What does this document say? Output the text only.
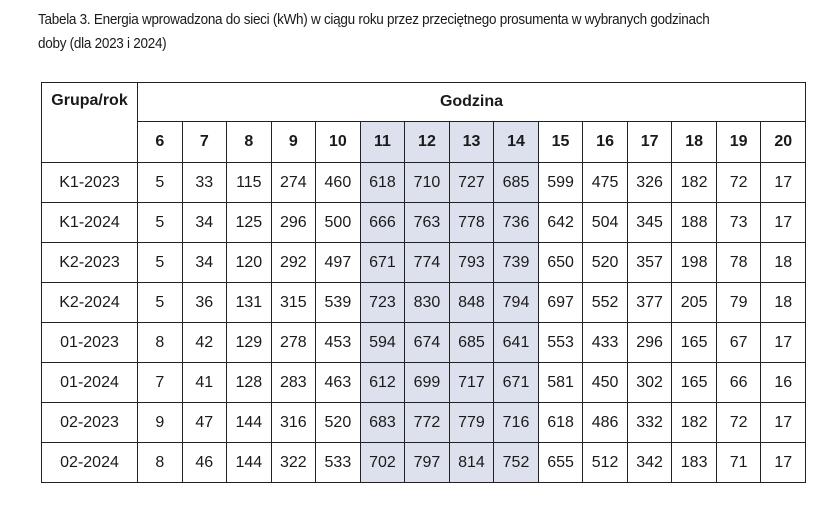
Tabela 3. Energia wprowadzona do sieci (kWh) w ciągu roku przez przeciętnego prosumenta w wybranych godzinach doby (dla 2023 i 2024)
Grupa/rok	Godzina														
	6	7	8	9	10	11	12	13	14	15	16	17	18	19	20
K1-2023	5	33	115	274	460	618	710	727	685	599	475	326	182	72	17
K1-2024	5	34	125	296	500	666	763	778	736	642	504	345	188	73	17
K2-2023	5	34	120	292	497	671	774	793	739	650	520	357	198	78	18
K2-2024	5	36	131	315	539	723	830	848	794	697	552	377	205	79	18
01-2023	8	42	129	278	453	594	674	685	641	553	433	296	165	67	17
01-2024	7	41	128	283	463	612	699	717	671	581	450	302	165	66	16
02-2023	9	47	144	316	520	683	772	779	716	618	486	332	182	72	17
02-2024	8	46	144	322	533	702	797	814	752	655	512	342	183	71	17
